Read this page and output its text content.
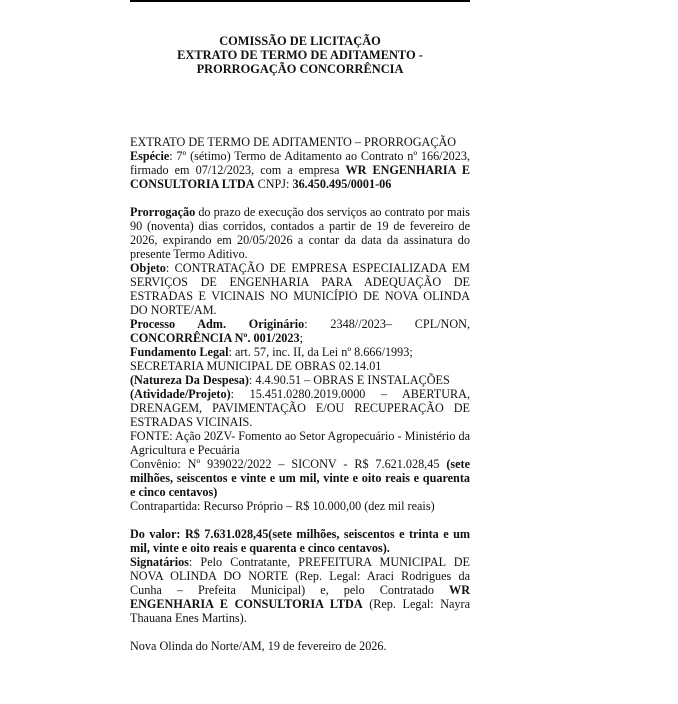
COMISSÃO DE LICITAÇÃO
EXTRATO DE TERMO DE ADITAMENTO -
PRORROGAÇÃO CONCORRÊNCIA

EXTRATO DE TERMO DE ADITAMENTO – PRORROGAÇÃO

Espécie: 7º (sétimo) Termo de Aditamento ao Contrato nº 166/2023, firmado em 07/12/2023, com a empresa WR ENGENHARIA E CONSULTORIA LTDA CNPJ: 36.450.495/0001-06

Prorrogação do prazo de execução dos serviços ao contrato por mais 90 (noventa) dias corridos, contados a partir de 19 de fevereiro de 2026, expirando em 20/05/2026 a contar da data da assinatura do presente Termo Aditivo.

Objeto: CONTRATAÇÃO DE EMPRESA ESPECIALIZADA EM SERVIÇOS DE ENGENHARIA PARA ADEQUAÇÃO DE ESTRADAS E VICINAIS NO MUNICÍPIO DE NOVA OLINDA DO NORTE/AM.

Processo Adm. Originário: 2348//2023– CPL/NON, CONCORRÊNCIA Nº. 001/2023;

Fundamento Legal: art. 57, inc. II, da Lei nº 8.666/1993;

SECRETARIA MUNICIPAL DE OBRAS 02.14.01

(Natureza Da Despesa): 4.4.90.51 – OBRAS E INSTALAÇÕES

(Atividade/Projeto): 15.451.0280.2019.0000 – ABERTURA, DRENAGEM, PAVIMENTAÇÃO E/OU RECUPERAÇÃO DE ESTRADAS VICINAIS.

FONTE: Ação 20ZV- Fomento ao Setor Agropecuário - Ministério da Agricultura e Pecuária

Convênio: Nº 939022/2022 – SICONV - R$ 7.621.028,45 (sete milhões, seiscentos e vinte e um mil, vinte e oito reais e quarenta e cinco centavos)

Contrapartida: Recurso Próprio – R$ 10.000,00 (dez mil reais)

Do valor: R$ 7.631.028,45(sete milhões, seiscentos e trinta e um mil, vinte e oito reais e quarenta e cinco centavos).

Signatários: Pelo Contratante, PREFEITURA MUNICIPAL DE NOVA OLINDA DO NORTE (Rep. Legal: Araci Rodrigues da Cunha – Prefeita Municipal) e, pelo Contratado WR ENGENHARIA E CONSULTORIA LTDA (Rep. Legal: Nayra Thauana Enes Martins).

Nova Olinda do Norte/AM, 19 de fevereiro de 2026.
